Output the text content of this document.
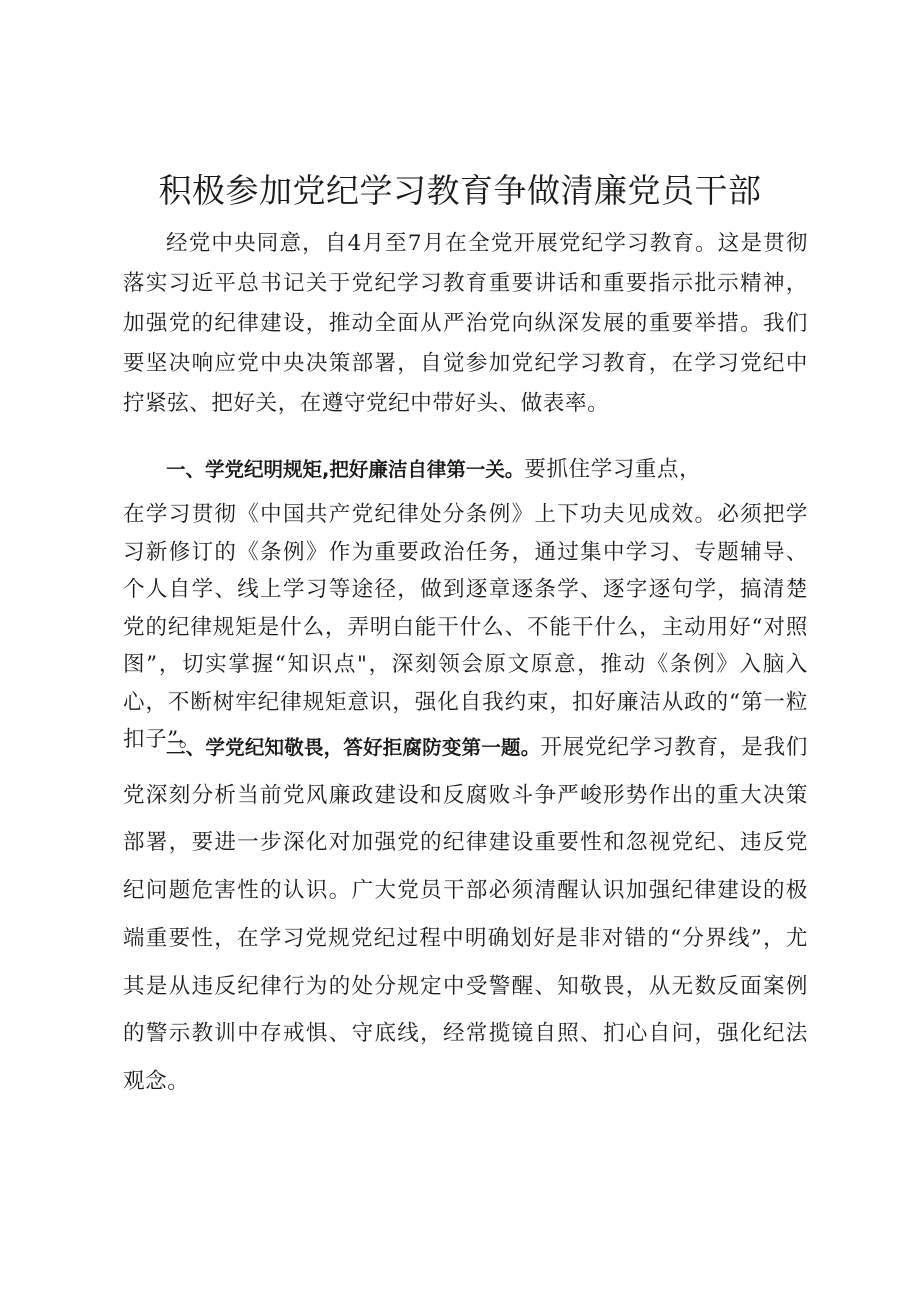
积极参加党纪学习教育争做清廉党员干部

经党中央同意，自4月至7月在全党开展党纪学习教育。这是贯彻落实习近平总书记关于党纪学习教育重要讲话和重要指示批示精神，加强党的纪律建设，推动全面从严治党向纵深发展的重要举措。我们要坚决响应党中央决策部署，自觉参加党纪学习教育，在学习党纪中拧紧弦、把好关，在遵守党纪中带好头、做表率。

一、学党纪明规矩,把好廉洁自律第一关。要抓住学习重点，

在学习贯彻《中国共产党纪律处分条例》上下功夫见成效。必须把学习新修订的《条例》作为重要政治任务，通过集中学习、专题辅导、个人自学、线上学习等途径，做到逐章逐条学、逐字逐句学，搞清楚党的纪律规矩是什么，弄明白能干什么、不能干什么，主动用好“对照图”，切实掌握“知识点"，深刻领会原文原意，推动《条例》入脑入心，不断树牢纪律规矩意识，强化自我约束，扣好廉洁从政的“第一粒扣子”。

二、学党纪知敬畏，答好拒腐防变第一题。开展党纪学习教育，是我们党深刻分析当前党风廉政建设和反腐败斗争严峻形势作出的重大决策部署，要进一步深化对加强党的纪律建设重要性和忽视党纪、违反党纪问题危害性的认识。广大党员干部必须清醒认识加强纪律建设的极端重要性，在学习党规党纪过程中明确划好是非对错的“分界线”，尤其是从违反纪律行为的处分规定中受警醒、知敬畏，从无数反面案例的警示教训中存戒惧、守底线，经常揽镜自照、扪心自问，强化纪法观念。
